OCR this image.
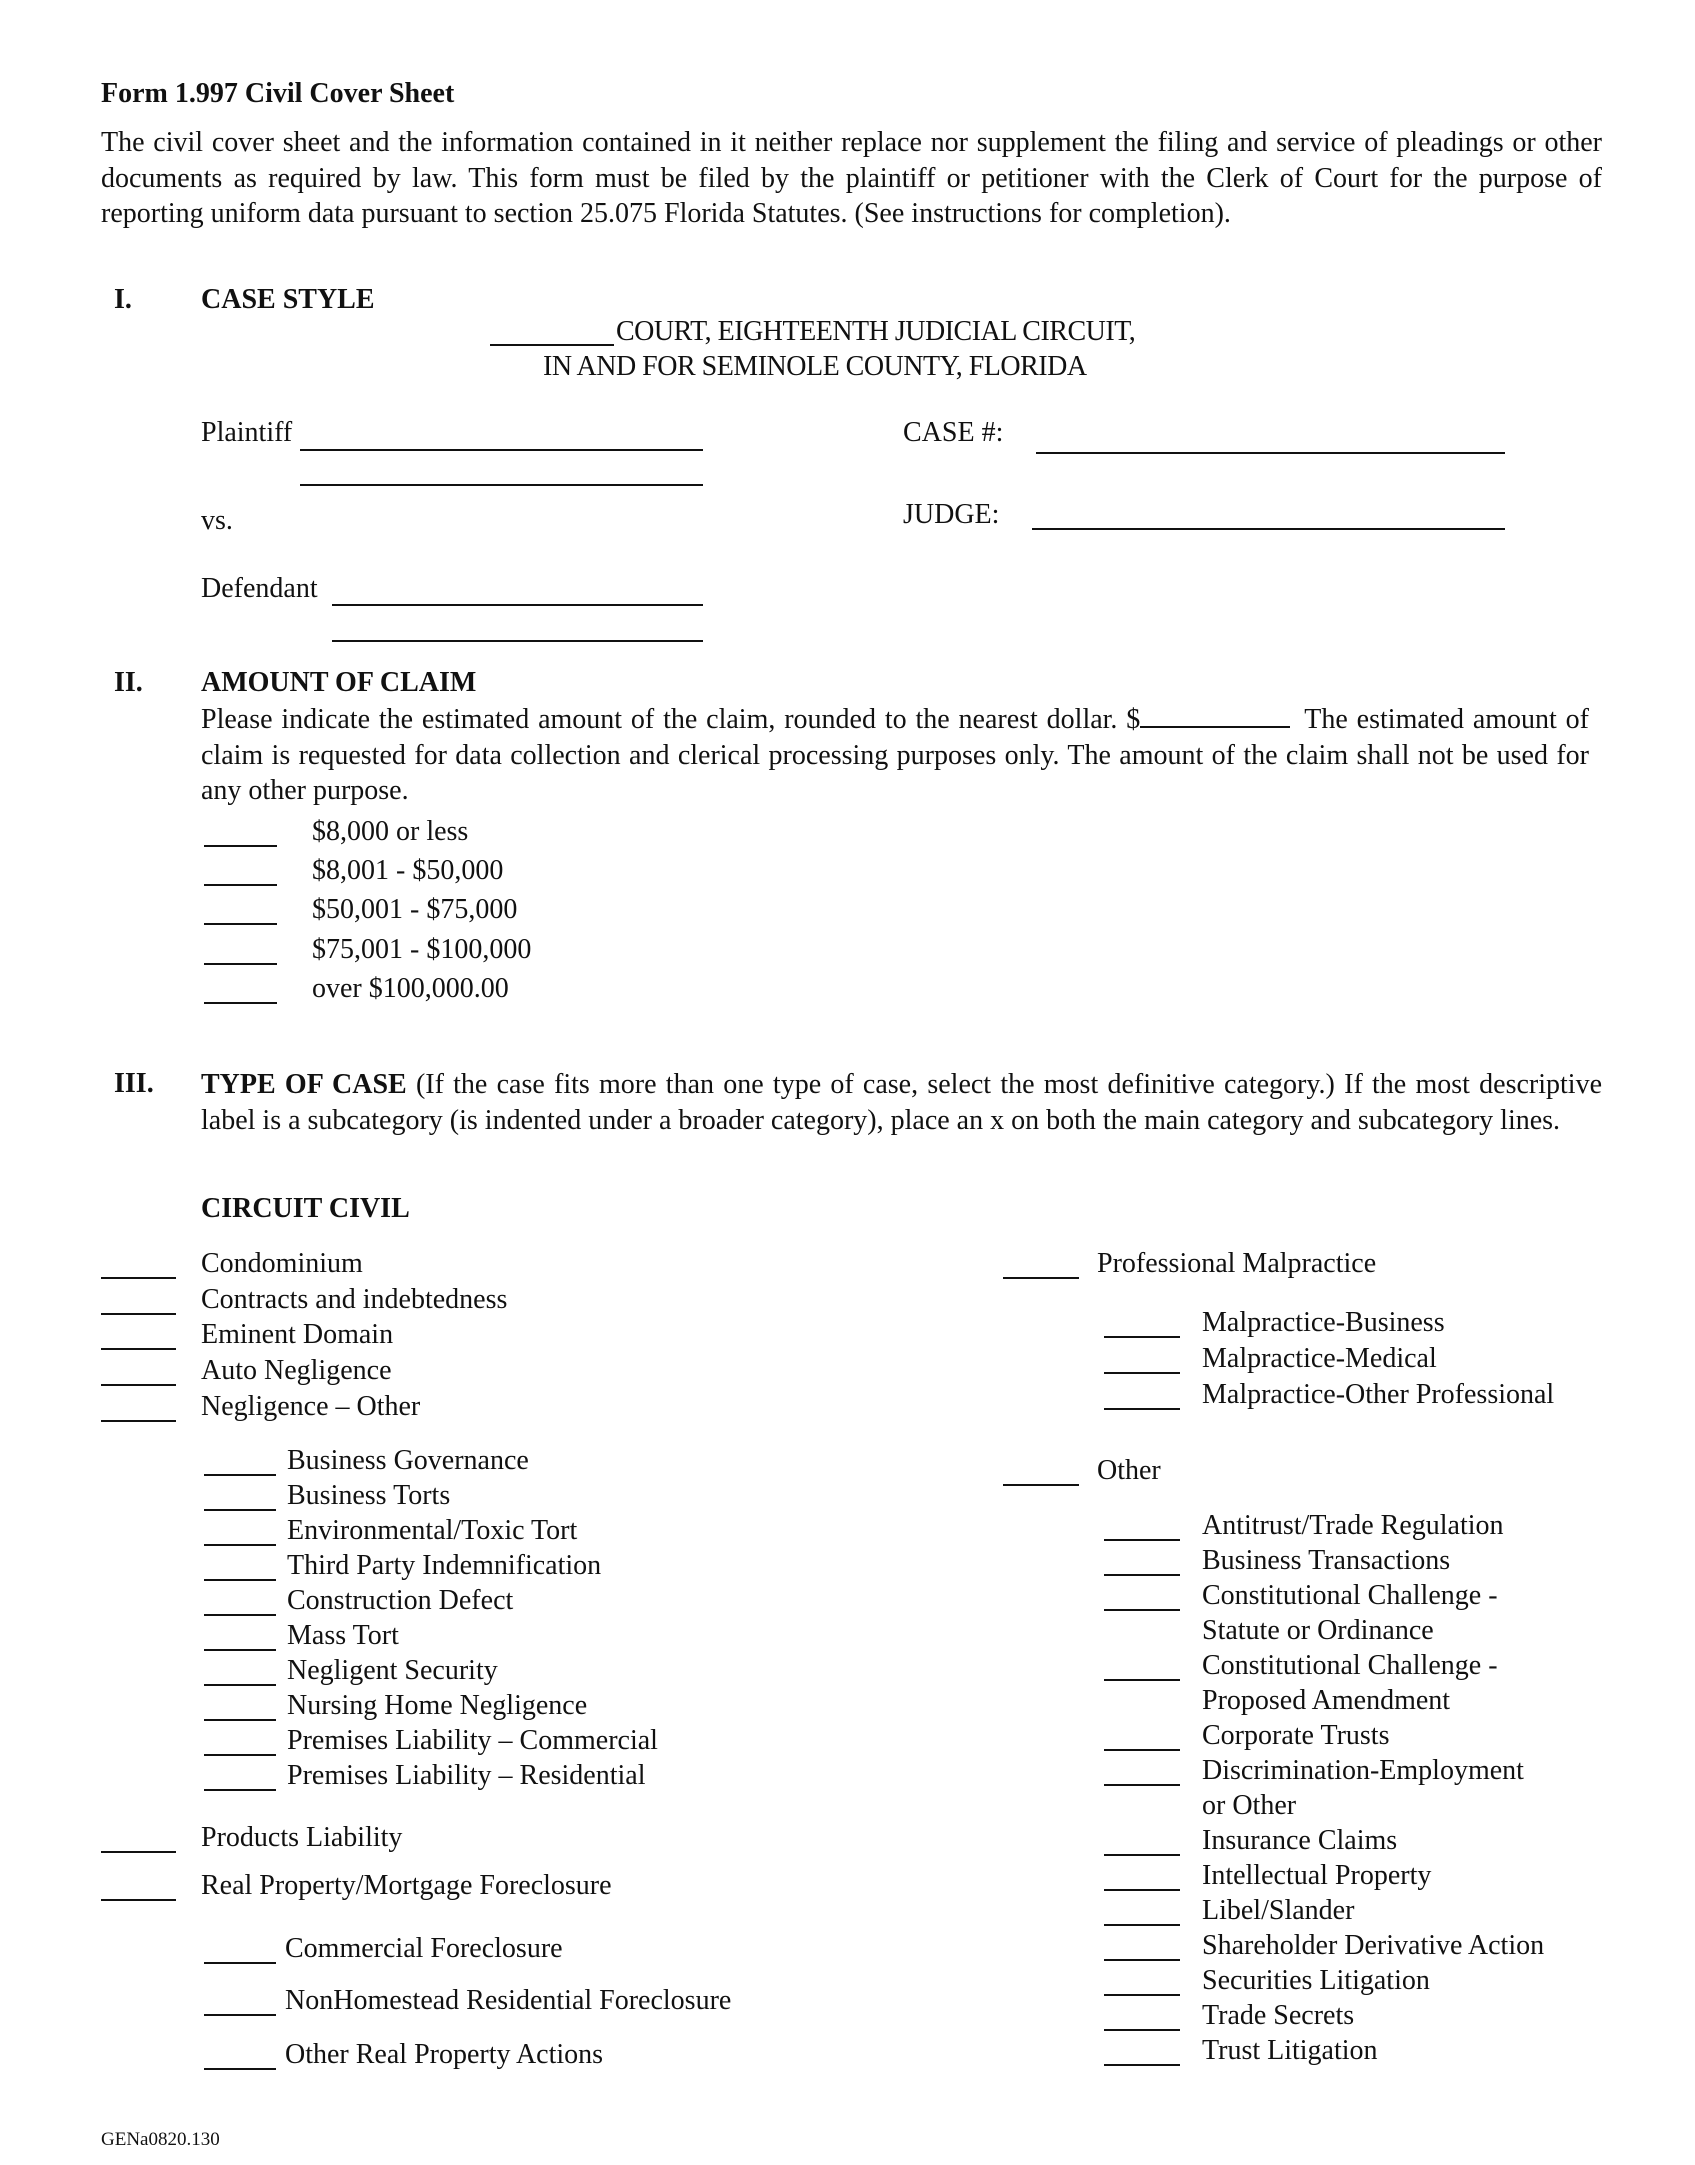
Form 1.997 Civil Cover Sheet
The civil cover sheet and the information contained in it neither replace nor supplement the filing and service of pleadings or other documents as required by law. This form must be filed by the plaintiff or petitioner with the Clerk of Court for the purpose of reporting uniform data pursuant to section 25.075 Florida Statutes. (See instructions for completion).
I. CASE STYLE
COURT, EIGHTEENTH JUDICIAL CIRCUIT,
IN AND FOR SEMINOLE COUNTY, FLORIDA
Plaintiff
vs.
Defendant
CASE #:
JUDGE:
II. AMOUNT OF CLAIM
Please indicate the estimated amount of the claim, rounded to the nearest dollar. $	The estimated amount of claim is requested for data collection and clerical processing purposes only. The amount of the claim shall not be used for any other purpose.
$8,000 or less
$8,001 - $50,000
$50,001 - $75,000
$75,001 - $100,000
over $100,000.00
III. TYPE OF CASE (If the case fits more than one type of case, select the most definitive category.) If the most descriptive label is a subcategory (is indented under a broader category), place an x on both the main category and subcategory lines.
CIRCUIT CIVIL
Condominium
Contracts and indebtedness
Eminent Domain
Auto Negligence
Negligence – Other
Business Governance
Business Torts
Environmental/Toxic Tort
Third Party Indemnification
Construction Defect
Mass Tort
Negligent Security
Nursing Home Negligence
Premises Liability – Commercial
Premises Liability – Residential
Products Liability
Real Property/Mortgage Foreclosure
Commercial Foreclosure
NonHomestead Residential Foreclosure
Other Real Property Actions
Professional Malpractice
Malpractice-Business
Malpractice-Medical
Malpractice-Other Professional
Other
Antitrust/Trade Regulation
Business Transactions
Constitutional Challenge -
Statute or Ordinance
Constitutional Challenge -
Proposed Amendment
Corporate Trusts
Discrimination-Employment
or Other
Insurance Claims
Intellectual Property
Libel/Slander
Shareholder Derivative Action
Securities Litigation
Trade Secrets
Trust Litigation
GENa0820.130
